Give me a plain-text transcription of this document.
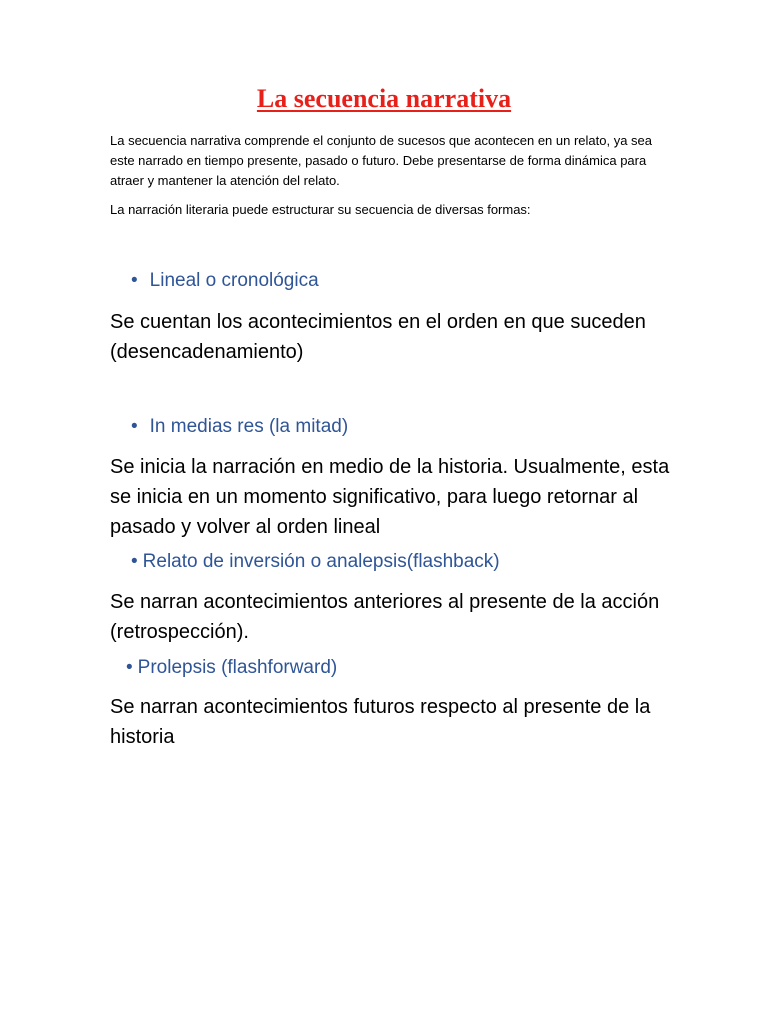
La secuencia narrativa

La secuencia narrativa comprende el conjunto de sucesos que acontecen en un relato, ya sea este narrado en tiempo presente, pasado o futuro. Debe presentarse de forma dinámica para atraer y mantener la atención del relato.

La narración literaria puede estructurar su secuencia de diversas formas:

• Lineal o cronológica

Se cuentan los acontecimientos en el orden en que suceden (desencadenamiento)

• In medias res (la mitad)

Se inicia la narración en medio de la historia. Usualmente, esta se inicia en un momento significativo, para luego retornar al pasado y volver al orden lineal

• Relato de inversión o analepsis(flashback)

Se narran acontecimientos anteriores al presente de la acción (retrospección).

• Prolepsis (flashforward)

Se narran acontecimientos futuros respecto al presente de la historia
